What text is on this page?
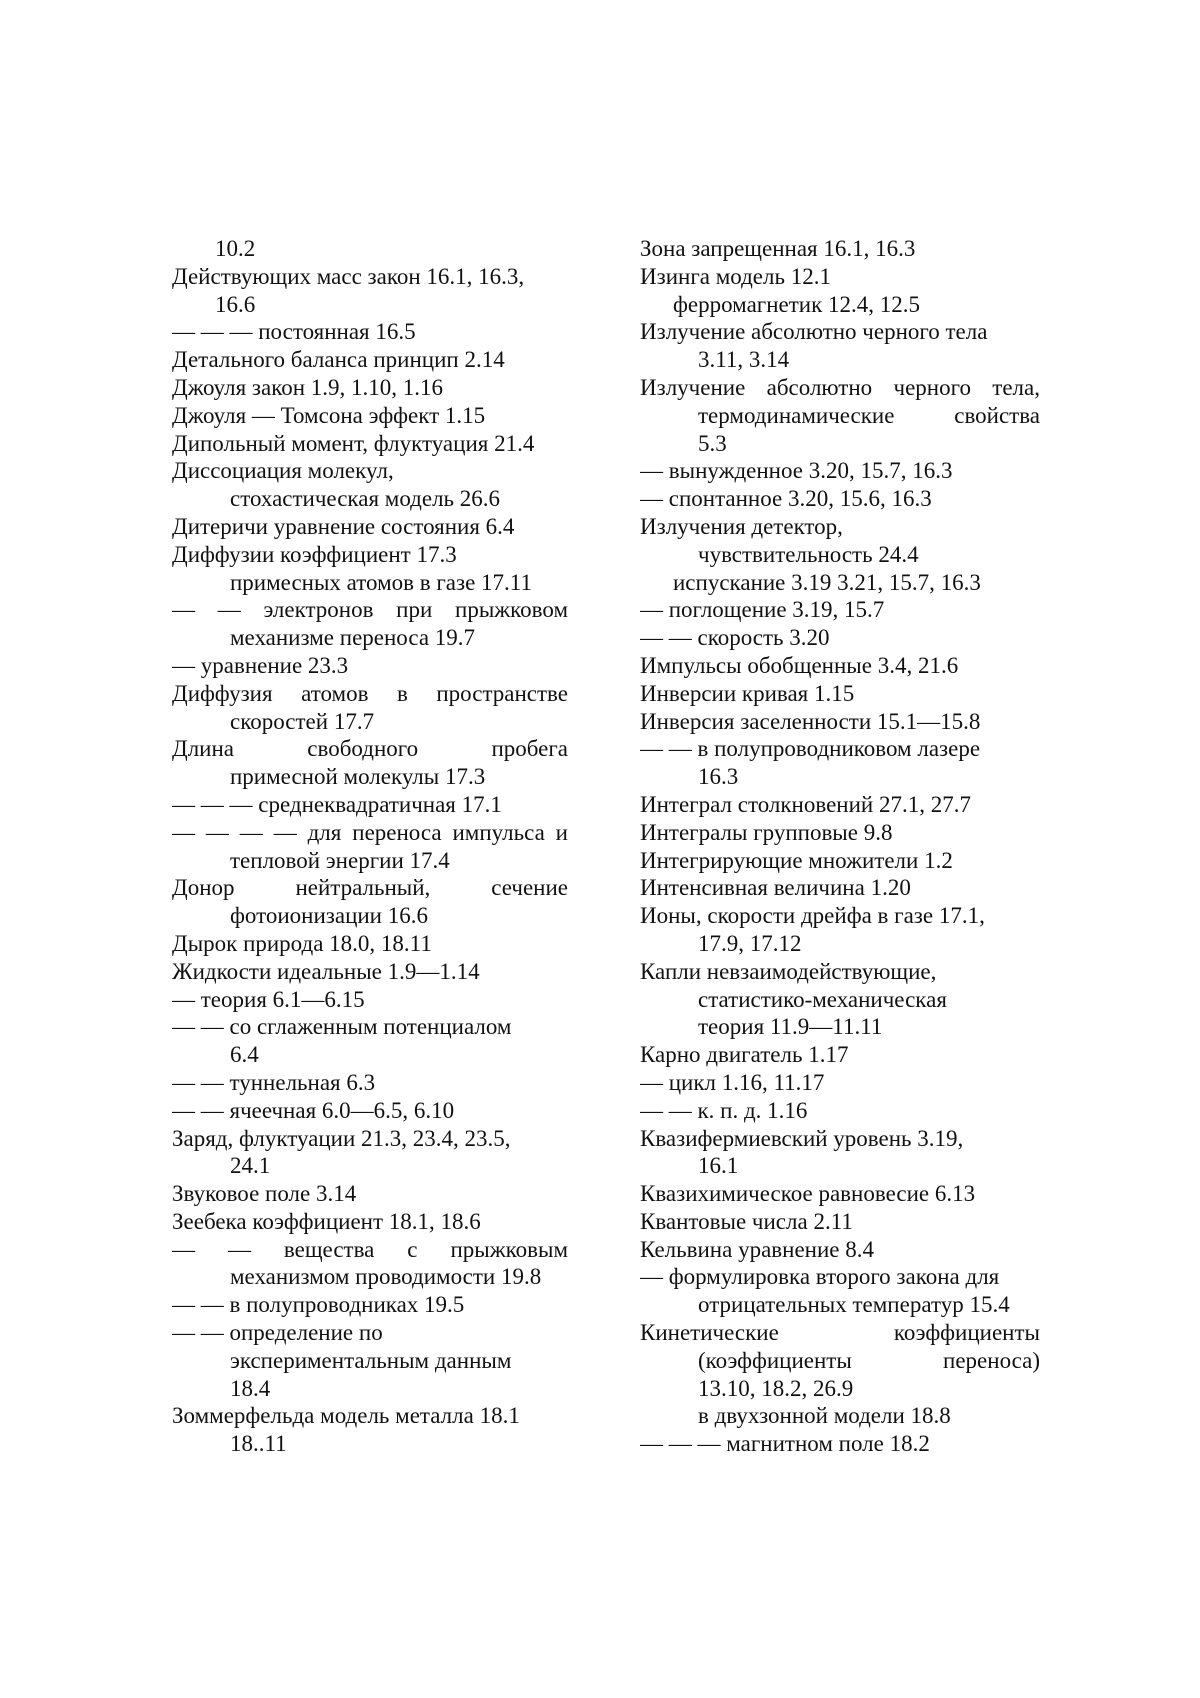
10.2
Действующих масс закон 16.1, 16.3,
16.6
— — — постоянная 16.5
Детального баланса принцип 2.14
Джоуля закон 1.9, 1.10, 1.16
Джоуля — Томсона эффект 1.15
Дипольный момент, флуктуация 21.4
Диссоциация молекул,
стохастическая модель 26.6
Дитеричи уравнение состояния 6.4
Диффузии коэффициент 17.3
примесных атомов в газе 17.11
— — электронов при прыжковом
механизме переноса 19.7
— уравнение 23.3
Диффузия атомов в пространстве
скоростей 17.7
Длина свободного пробега
примесной молекулы 17.3
— — — среднеквадратичная 17.1
— — — — для переноса импульса и
тепловой энергии 17.4
Донор нейтральный, сечение
фотоионизации 16.6
Дырок природа 18.0, 18.11
Жидкости идеальные 1.9—1.14
— теория 6.1—6.15
— — со сглаженным потенциалом
6.4
— — туннельная 6.3
— — ячеечная 6.0—6.5, 6.10
Заряд, флуктуации 21.3, 23.4, 23.5,
24.1
Звуковое поле 3.14
Зеебека коэффициент 18.1, 18.6
— — вещества с прыжковым
механизмом проводимости 19.8
— — в полупроводниках 19.5
— — определение по
экспериментальным данным
18.4
Зоммерфельда модель металла 18.1
18..11
Зона запрещенная 16.1, 16.3
Изинга модель 12.1
ферромагнетик 12.4, 12.5
Излучение абсолютно черного тела
3.11, 3.14
Излучение абсолютно черного тела,
термодинамические свойства
5.3
— вынужденное 3.20, 15.7, 16.3
— спонтанное 3.20, 15.6, 16.3
Излучения детектор,
чувствительность 24.4
испускание 3.19 3.21, 15.7, 16.3
— поглощение 3.19, 15.7
— — скорость 3.20
Импульсы обобщенные 3.4, 21.6
Инверсии кривая 1.15
Инверсия заселенности 15.1—15.8
— — в полупроводниковом лазере
16.3
Интеграл столкновений 27.1, 27.7
Интегралы групповые 9.8
Интегрирующие множители 1.2
Интенсивная величина 1.20
Ионы, скорости дрейфа в газе 17.1,
17.9, 17.12
Капли невзаимодействующие,
статистико-механическая
теория 11.9—11.11
Карно двигатель 1.17
— цикл 1.16, 11.17
— — к. п. д. 1.16
Квазифермиевский уровень 3.19,
16.1
Квазихимическое равновесие 6.13
Квантовые числа 2.11
Кельвина уравнение 8.4
— формулировка второго закона для
отрицательных температур 15.4
Кинетические коэффициенты
(коэффициенты переноса)
13.10, 18.2, 26.9
в двухзонной модели 18.8
— — — магнитном поле 18.2
